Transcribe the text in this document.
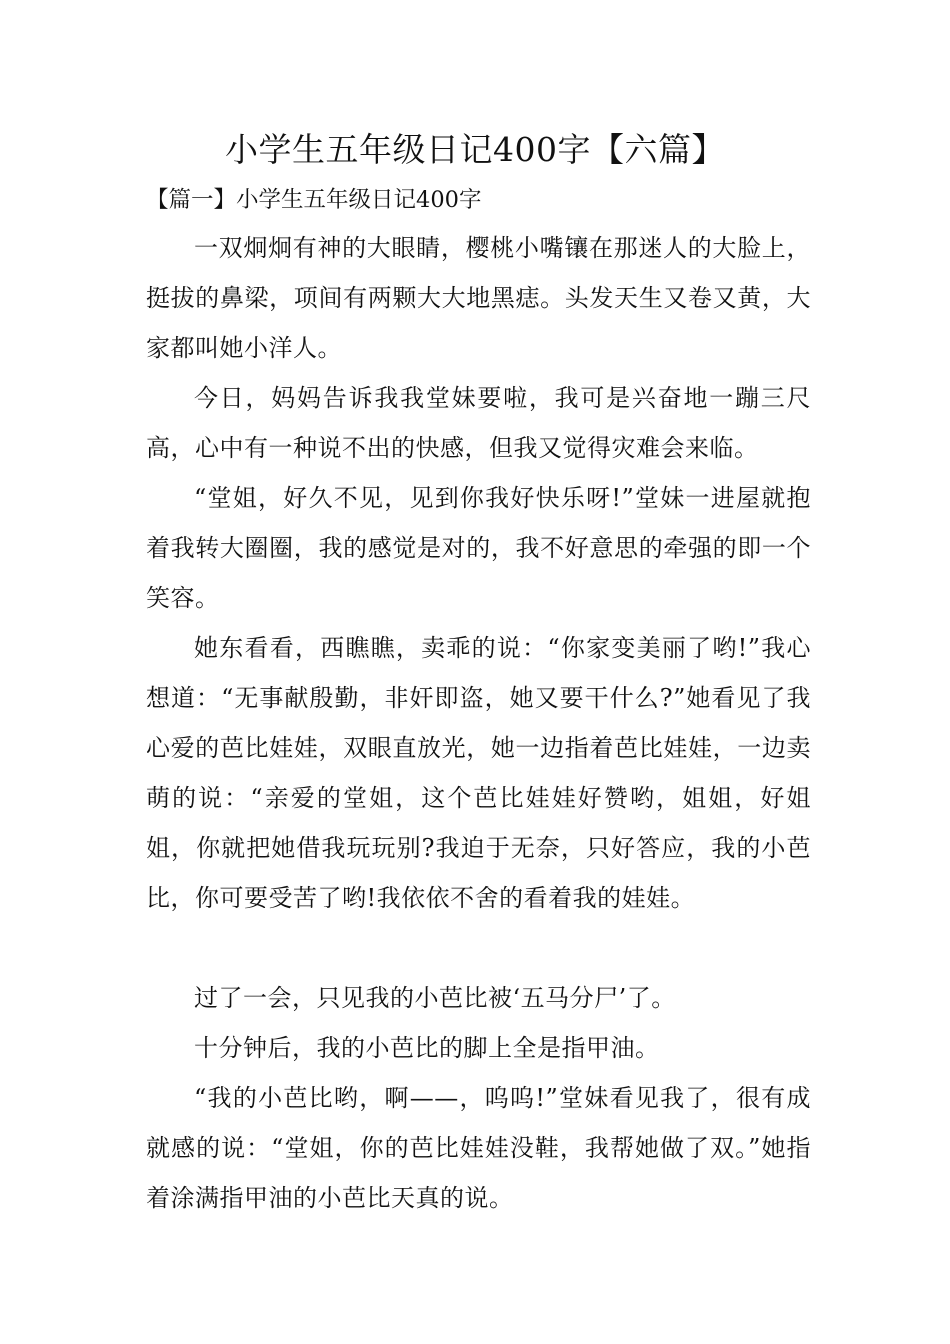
小学生五年级日记400字【六篇】

【篇一】小学生五年级日记400字

一双炯炯有神的大眼睛，樱桃小嘴镶在那迷人的大脸上，挺拔的鼻梁，项间有两颗大大地黑痣。头发天生又卷又黄，大家都叫她小洋人。

今日，妈妈告诉我我堂妹要啦，我可是兴奋地一蹦三尺高，心中有一种说不出的快感，但我又觉得灾难会来临。

“堂姐，好久不见，见到你我好快乐呀!”堂妹一进屋就抱着我转大圈圈，我的感觉是对的，我不好意思的牵强的即一个笑容。

她东看看，西瞧瞧，卖乖的说：“你家变美丽了哟!”我心想道：“无事献殷勤，非奸即盗，她又要干什么?”她看见了我心爱的芭比娃娃，双眼直放光，她一边指着芭比娃娃，一边卖萌的说：“亲爱的堂姐，这个芭比娃娃好赞哟，姐姐，好姐姐，你就把她借我玩玩别?我迫于无奈，只好答应，我的小芭比，你可要受苦了哟!我依依不舍的看着我的娃娃。

过了一会，只见我的小芭比被‘五马分尸’了。

十分钟后，我的小芭比的脚上全是指甲油。

“我的小芭比哟，啊——，呜呜!”堂妹看见我了，很有成就感的说：“堂姐，你的芭比娃娃没鞋，我帮她做了双。”她指着涂满指甲油的小芭比天真的说。
